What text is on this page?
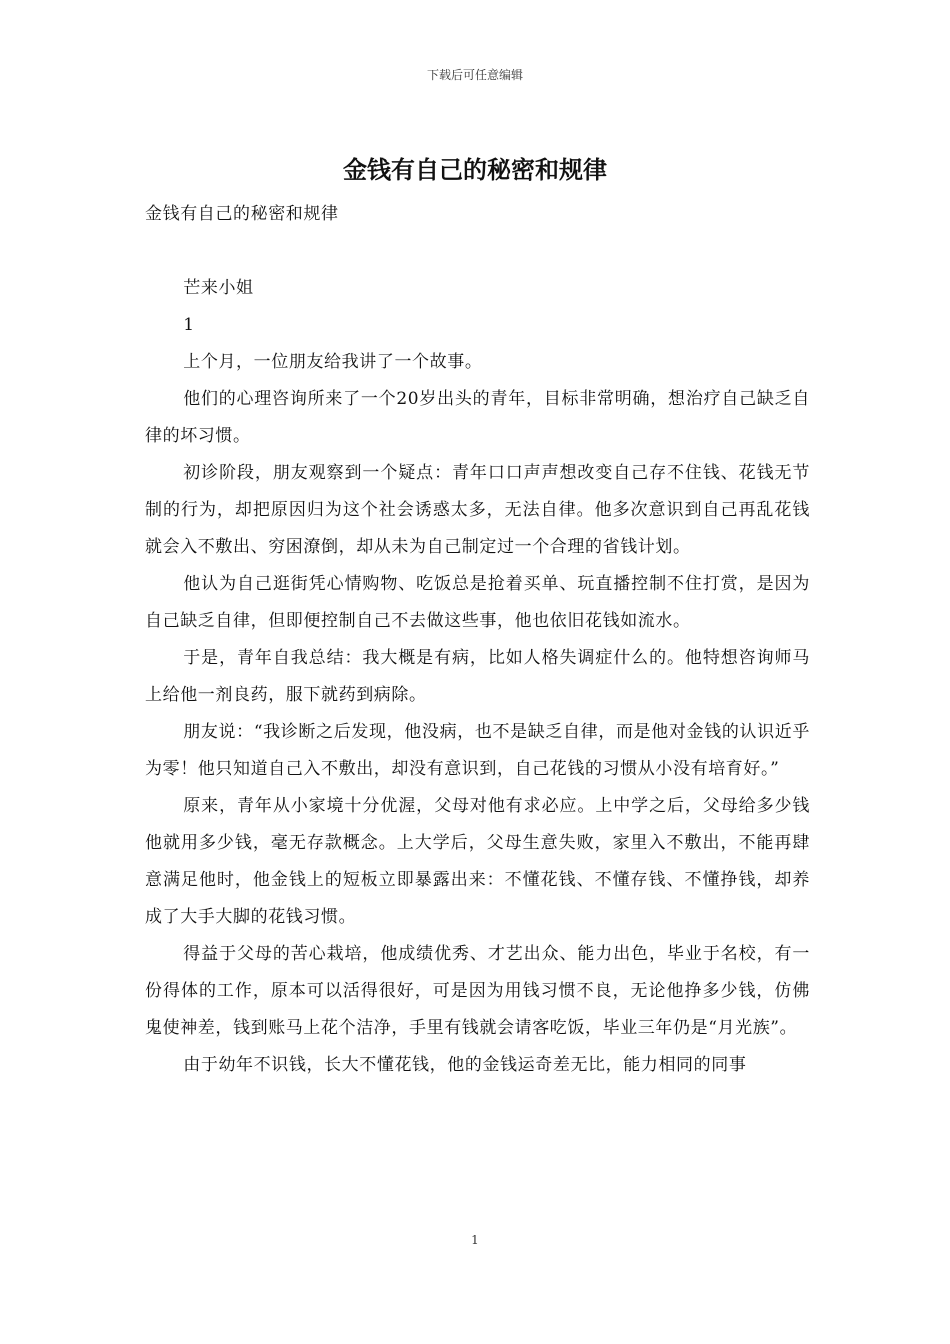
下载后可任意编辑
金钱有自己的秘密和规律

金钱有自己的秘密和规律

芒来小姐

1

上个月，一位朋友给我讲了一个故事。

他们的心理咨询所来了一个20岁出头的青年，目标非常明确，想治疗自己缺乏自律的坏习惯。

初诊阶段，朋友观察到一个疑点：青年口口声声想改变自己存不住钱、花钱无节制的行为，却把原因归为这个社会诱惑太多，无法自律。他多次意识到自己再乱花钱就会入不敷出、穷困潦倒，却从未为自己制定过一个合理的省钱计划。

他认为自己逛街凭心情购物、吃饭总是抢着买单、玩直播控制不住打赏，是因为自己缺乏自律，但即便控制自己不去做这些事，他也依旧花钱如流水。

于是，青年自我总结：我大概是有病，比如人格失调症什么的。他特想咨询师马上给他一剂良药，服下就药到病除。

朋友说：“我诊断之后发现，他没病，也不是缺乏自律，而是他对金钱的认识近乎为零！他只知道自己入不敷出，却没有意识到，自己花钱的习惯从小没有培育好。”

原来，青年从小家境十分优渥，父母对他有求必应。上中学之后，父母给多少钱他就用多少钱，毫无存款概念。上大学后，父母生意失败，家里入不敷出，不能再肆意满足他时，他金钱上的短板立即暴露出来：不懂花钱、不懂存钱、不懂挣钱，却养成了大手大脚的花钱习惯。

得益于父母的苦心栽培，他成绩优秀、才艺出众、能力出色，毕业于名校，有一份得体的工作，原本可以活得很好，可是因为用钱习惯不良，无论他挣多少钱，仿佛鬼使神差，钱到账马上花个洁净，手里有钱就会请客吃饭，毕业三年仍是“月光族”。

由于幼年不识钱，长大不懂花钱，他的金钱运奇差无比，能力相同的同事

1
